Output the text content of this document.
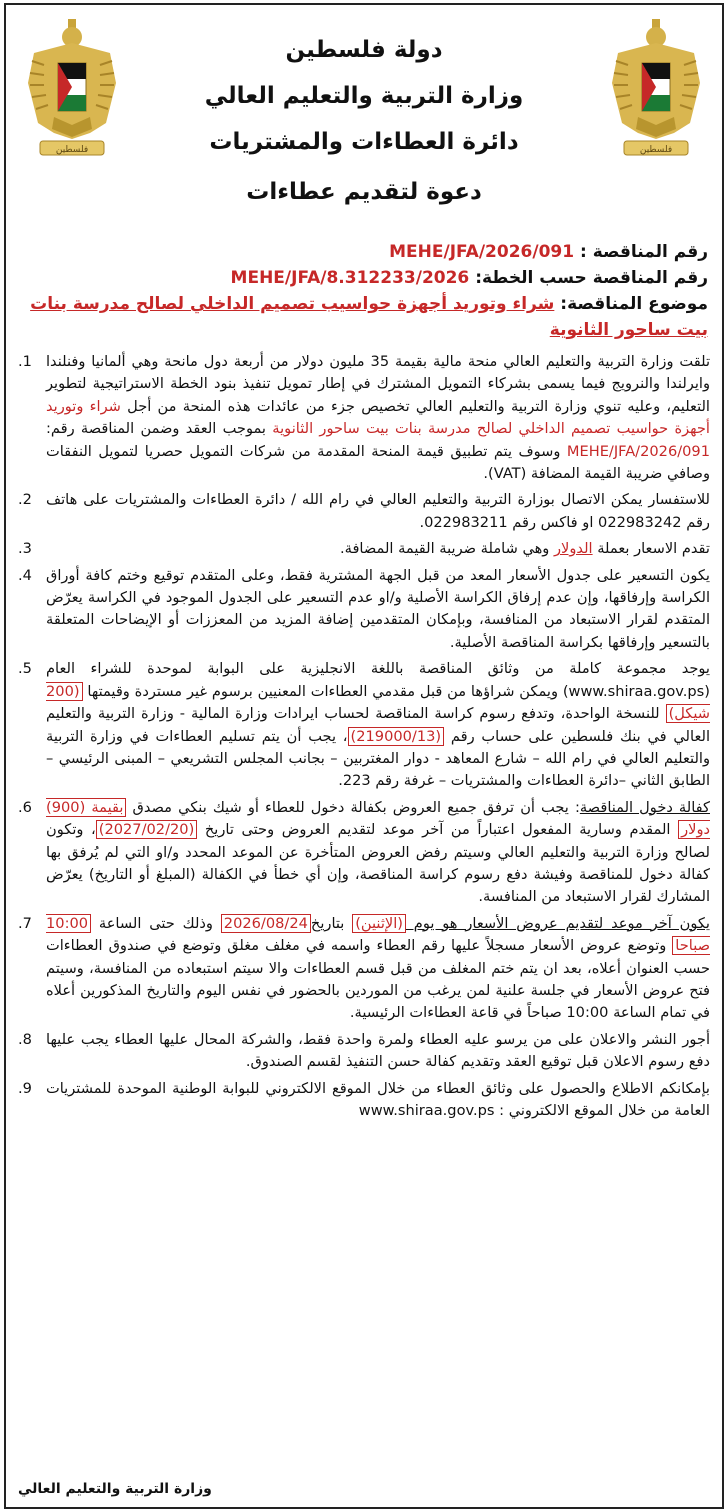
فلسطين
فلسطين
دولة فلسطين
وزارة التربية والتعليم العالي
دائرة العطاءات والمشتريات
دعوة لتقديم عطاءات
رقم المناقصة : MEHE/JFA/2026/091
رقم المناقصة حسب الخطة: MEHE/JFA/8.312233/2026
موضوع المناقصة: شراء وتوريد أجهزة حواسيب تصميم الداخلي لصالح مدرسة بنات بيت ساحور الثانوية
تلقت وزارة التربية والتعليم العالي منحة مالية بقيمة 35 مليون دولار من أربعة دول مانحة وهي ألمانيا وفنلندا وايرلندا والنرويج فيما يسمى بشركاء التمويل المشترك في إطار تمويل تنفيذ بنود الخطة الاستراتيجية لتطوير التعليم، وعليه تنوي وزارة التربية والتعليم العالي تخصيص جزء من عائدات هذه المنحة من أجل شراء وتوريد أجهزة حواسيب تصميم الداخلي لصالح مدرسة بنات بيت ساحور الثانوية بموجب العقد وضمن المناقصة رقم: MEHE/JFA/2026/091 وسوف يتم تطبيق قيمة المنحة المقدمة من شركات التمويل حصريا لتمويل النفقات وصافي ضريبة القيمة المضافة (VAT).
1.
للاستفسار يمكن الاتصال بوزارة التربية والتعليم العالي في رام الله / دائرة العطاءات والمشتريات على هاتف رقم 022983242 او فاكس رقم 022983211.
2.
تقدم الاسعار بعملة الدولار وهي شاملة ضريبة القيمة المضافة.
3.
يكون التسعير على جدول الأسعار المعد من قبل الجهة المشترية فقط، وعلى المتقدم توقيع وختم كافة أوراق الكراسة وإرفاقها، وإن عدم إرفاق الكراسة الأصلية و/او عدم التسعير على الجدول الموجود في الكراسة يعرّض المتقدم لقرار الاستبعاد من المنافسة، وبإمكان المتقدمين إضافة المزيد من المعززات أو الإيضاحات المتعلقة بالتسعير وإرفاقها بكراسة المناقصة الأصلية.
4.
يوجد مجموعة كاملة من وثائق المناقصة باللغة الانجليزية على البوابة لموحدة للشراء العام (www.shiraa.gov.ps) ويمكن شراؤها من قبل مقدمي العطاءات المعنيين برسوم غير مستردة وقيمتها (200 شيكل) للنسخة الواحدة، وتدفع رسوم كراسة المناقصة لحساب ايرادات وزارة المالية - وزارة التربية والتعليم العالي في بنك فلسطين على حساب رقم (219000/13)، يجب أن يتم تسليم العطاءات في وزارة التربية والتعليم العالي في رام الله – شارع المعاهد - دوار المغتربين – بجانب المجلس التشريعي – المبنى الرئيسي –الطابق الثاني –دائرة العطاءات والمشتريات – غرفة رقم 223.
5.
كفالة دخول المناقصة: يجب أن ترفق جميع العروض بكفالة دخول للعطاء أو شيك بنكي مصدق بقيمة (900) دولار المقدم وسارية المفعول اعتباراً من آخر موعد لتقديم العروض وحتى تاريخ (2027/02/20)، وتكون لصالح وزارة التربية والتعليم العالي وسيتم رفض العروض المتأخرة عن الموعد المحدد و/او التي لم يُرفق بها كفالة دخول للمناقصة وفيشة دفع رسوم كراسة المناقصة، وإن أي خطأ في الكفالة (المبلغ أو التاريخ) يعرّض المشارك لقرار الاستبعاد من المنافسة.
6.
يكون آخر موعد لتقديم عروض الأسعار هو يوم (الإثنين) بتاريخ2026/08/24 وذلك حتى الساعة 10:00 صباحا وتوضع عروض الأسعار مسجلاً عليها رقم العطاء واسمه في مغلف مغلق وتوضع في صندوق العطاءات حسب العنوان أعلاه، بعد ان يتم ختم المغلف من قبل قسم العطاءات والا سيتم استبعاده من المنافسة، وسيتم فتح عروض الأسعار في جلسة علنية لمن يرغب من الموردين بالحضور في نفس اليوم والتاريخ المذكورين أعلاه في تمام الساعة 10:00 صباحاً في قاعة العطاءات الرئيسية.
7.
أجور النشر والاعلان على من يرسو عليه العطاء ولمرة واحدة فقط، والشركة المحال عليها العطاء يجب عليها دفع رسوم الاعلان قبل توقيع العقد وتقديم كفالة حسن التنفيذ لقسم الصندوق.
8.
بإمكانكم الاطلاع والحصول على وثائق العطاء من خلال الموقع الالكتروني للبوابة الوطنية الموحدة للمشتريات العامة من خلال الموقع الالكتروني : www.shiraa.gov.ps
9.
وزارة التربية والتعليم العالي
